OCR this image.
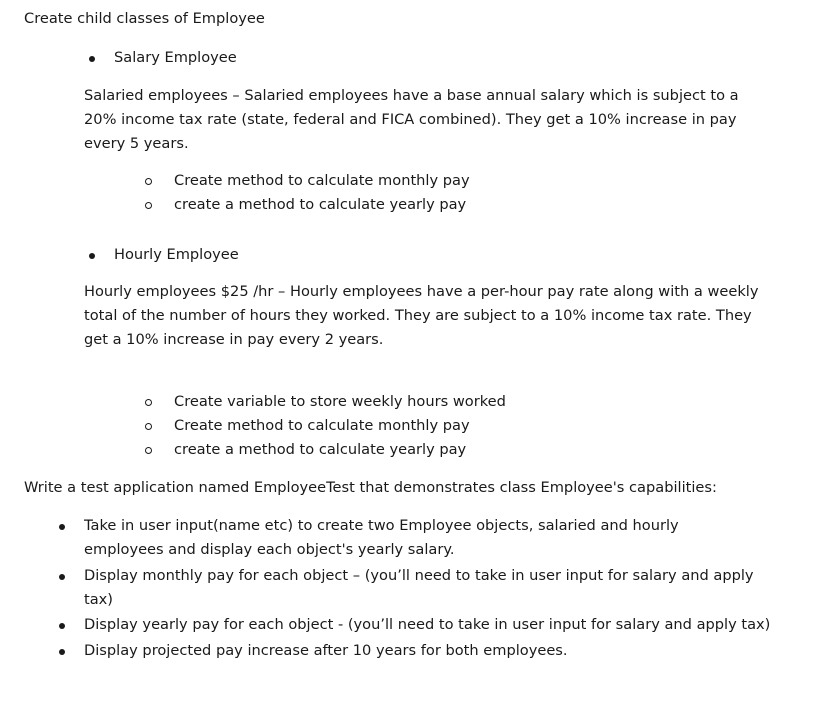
Create child classes of Employee
Salary Employee
Salaried employees – Salaried employees have a base annual salary which is subject to a
20% income tax rate (state, federal and FICA combined). They get a 10% increase in pay
every 5 years.
Create method to calculate monthly pay
create a method to calculate yearly pay
Hourly Employee
Hourly employees $25 /hr – Hourly employees have a per-hour pay rate along with a weekly
total of the number of hours they worked. They are subject to a 10% income tax rate. They
get a 10% increase in pay every 2 years.
Create variable to store weekly hours worked
Create method to calculate monthly pay
create a method to calculate yearly pay
Write a test application named EmployeeTest that demonstrates class Employee's capabilities:
Take in user input(name etc) to create two Employee objects, salaried and hourly
employees and display each object's yearly salary.
Display monthly pay for each object – (you’ll need to take in user input for salary and apply
tax)
Display yearly pay for each object - (you’ll need to take in user input for salary and apply tax)
Display projected pay increase after 10 years for both employees.
